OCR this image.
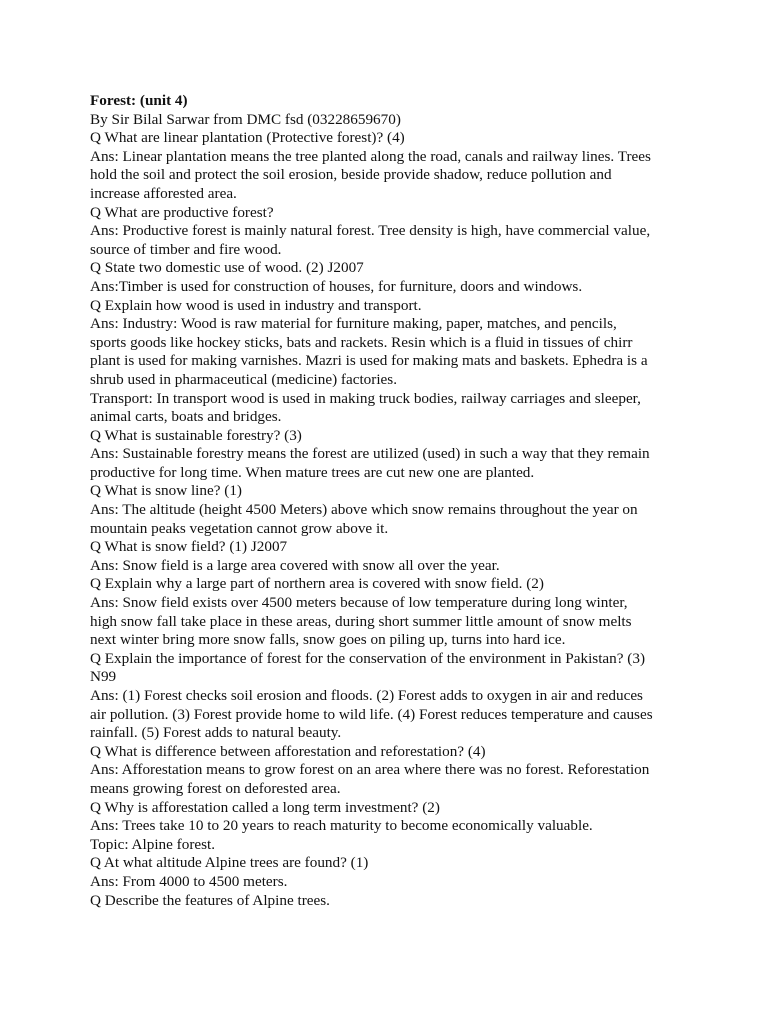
Forest: (unit 4)
By Sir Bilal Sarwar from DMC fsd (03228659670)
Q What are linear plantation (Protective forest)? (4)
Ans: Linear plantation means the tree planted along the road, canals and railway lines. Trees
hold the soil and protect the soil erosion, beside provide shadow, reduce pollution and
increase afforested area.
Q What are productive forest?
Ans: Productive forest is mainly natural forest. Tree density is high, have commercial value,
source of timber and fire wood.
Q State two domestic use of wood. (2) J2007
Ans:Timber is used for construction of houses, for furniture, doors and windows.
Q Explain how wood is used in industry and transport.
Ans: Industry: Wood is raw material for furniture making, paper, matches, and pencils,
sports goods like hockey sticks, bats and rackets. Resin which is a fluid in tissues of chirr
plant is used for making varnishes. Mazri is used for making mats and baskets. Ephedra is a
shrub used in pharmaceutical (medicine) factories.
Transport: In transport wood is used in making truck bodies, railway carriages and sleeper,
animal carts, boats and bridges.
Q What is sustainable forestry? (3)
Ans: Sustainable forestry means the forest are utilized (used) in such a way that they remain
productive for long time. When mature trees are cut new one are planted.
Q What is snow line? (1)
Ans: The altitude (height 4500 Meters) above which snow remains throughout the year on
mountain peaks vegetation cannot grow above it.
Q What is snow field? (1) J2007
Ans: Snow field is a large area covered with snow all over the year.
Q Explain why a large part of northern area is covered with snow field. (2)
Ans: Snow field exists over 4500 meters because of low temperature during long winter,
high snow fall take place in these areas, during short summer little amount of snow melts
next winter bring more snow falls, snow goes on piling up, turns into hard ice.
Q Explain the importance of forest for the conservation of the environment in Pakistan? (3)
N99
Ans: (1) Forest checks soil erosion and floods. (2) Forest adds to oxygen in air and reduces
air pollution. (3) Forest provide home to wild life. (4) Forest reduces temperature and causes
rainfall. (5) Forest adds to natural beauty.
Q What is difference between afforestation and reforestation? (4)
Ans: Afforestation means to grow forest on an area where there was no forest. Reforestation
means growing forest on deforested area.
Q Why is afforestation called a long term investment? (2)
Ans: Trees take 10 to 20 years to reach maturity to become economically valuable.
Topic: Alpine forest.
Q At what altitude Alpine trees are found? (1)
Ans: From 4000 to 4500 meters.
Q Describe the features of Alpine trees.
